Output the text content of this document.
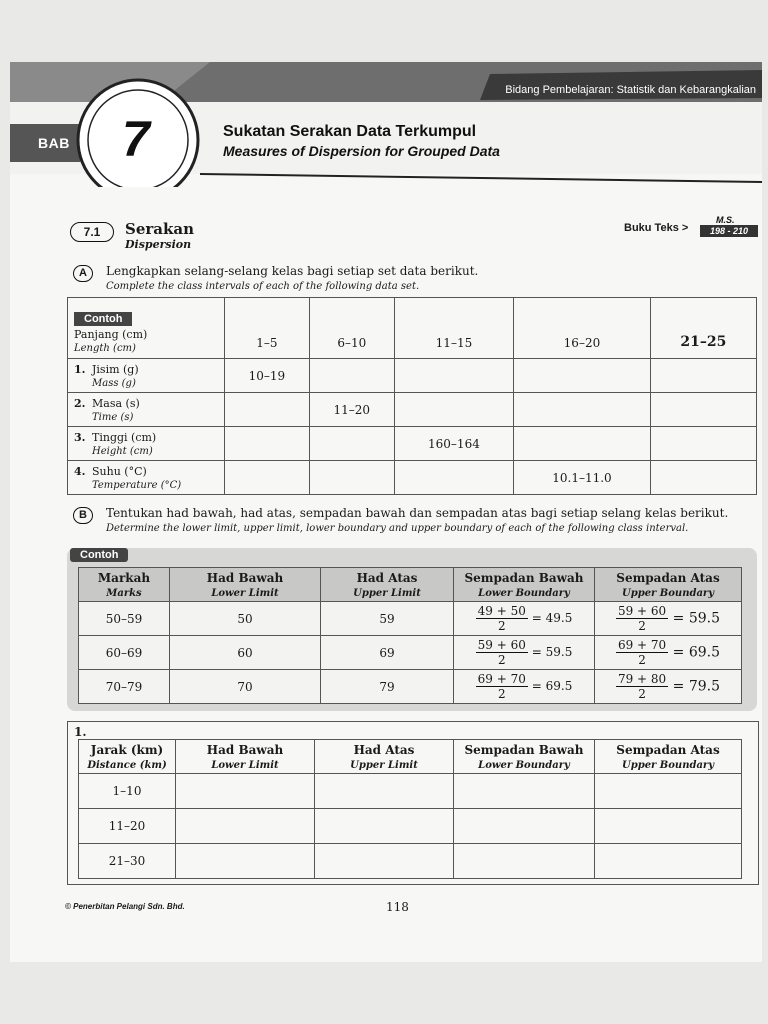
Bidang Pembelajaran: Statistik dan Kebarangkalian
BAB 7	Sukatan Serakan Data Terkumpul
Measures of Dispersion for Grouped Data
7.1	Serakan
Dispersion
Buku Teks >
M.S.
198 - 210
A	Lengkapkan selang-selang kelas bagi setiap set data berikut.
Complete the class intervals of each of the following data set.
Contoh
Panjang (cm)
Length (cm)	1–5	6–10	11–15	16–20	21–25
1. Jisim (g)
Mass (g)	10–19				
2. Masa (s)
Time (s)		11–20			
3. Tinggi (cm)
Height (cm)			160–164		
4. Suhu (°C)
Temperature (°C)				10.1–11.0	
B	Tentukan had bawah, had atas, sempadan bawah dan sempadan atas bagi setiap selang kelas berikut.
Determine the lower limit, upper limit, lower boundary and upper boundary of each of the following class interval.
Contoh
Markah
Marks	Had Bawah
Lower Limit	Had Atas
Upper Limit	Sempadan Bawah
Lower Boundary	Sempadan Atas
Upper Boundary
50–59	50	59	$\frac{49 + 50}{2} = 49.5$	$\frac{59 + 60}{2} = 59.5$
60–69	60	69	$\frac{59 + 60}{2} = 59.5$	$\frac{69 + 70}{2} = 69.5$
70–79	70	79	$\frac{69 + 70}{2} = 69.5$	$\frac{79 + 80}{2} = 79.5$
1.
Jarak (km)
Distance (km)	Had Bawah
Lower Limit	Had Atas
Upper Limit	Sempadan Bawah
Lower Boundary	Sempadan Atas
Upper Boundary
1–10				
11–20				
21–30				
© Penerbitan Pelangi Sdn. Bhd.	118
